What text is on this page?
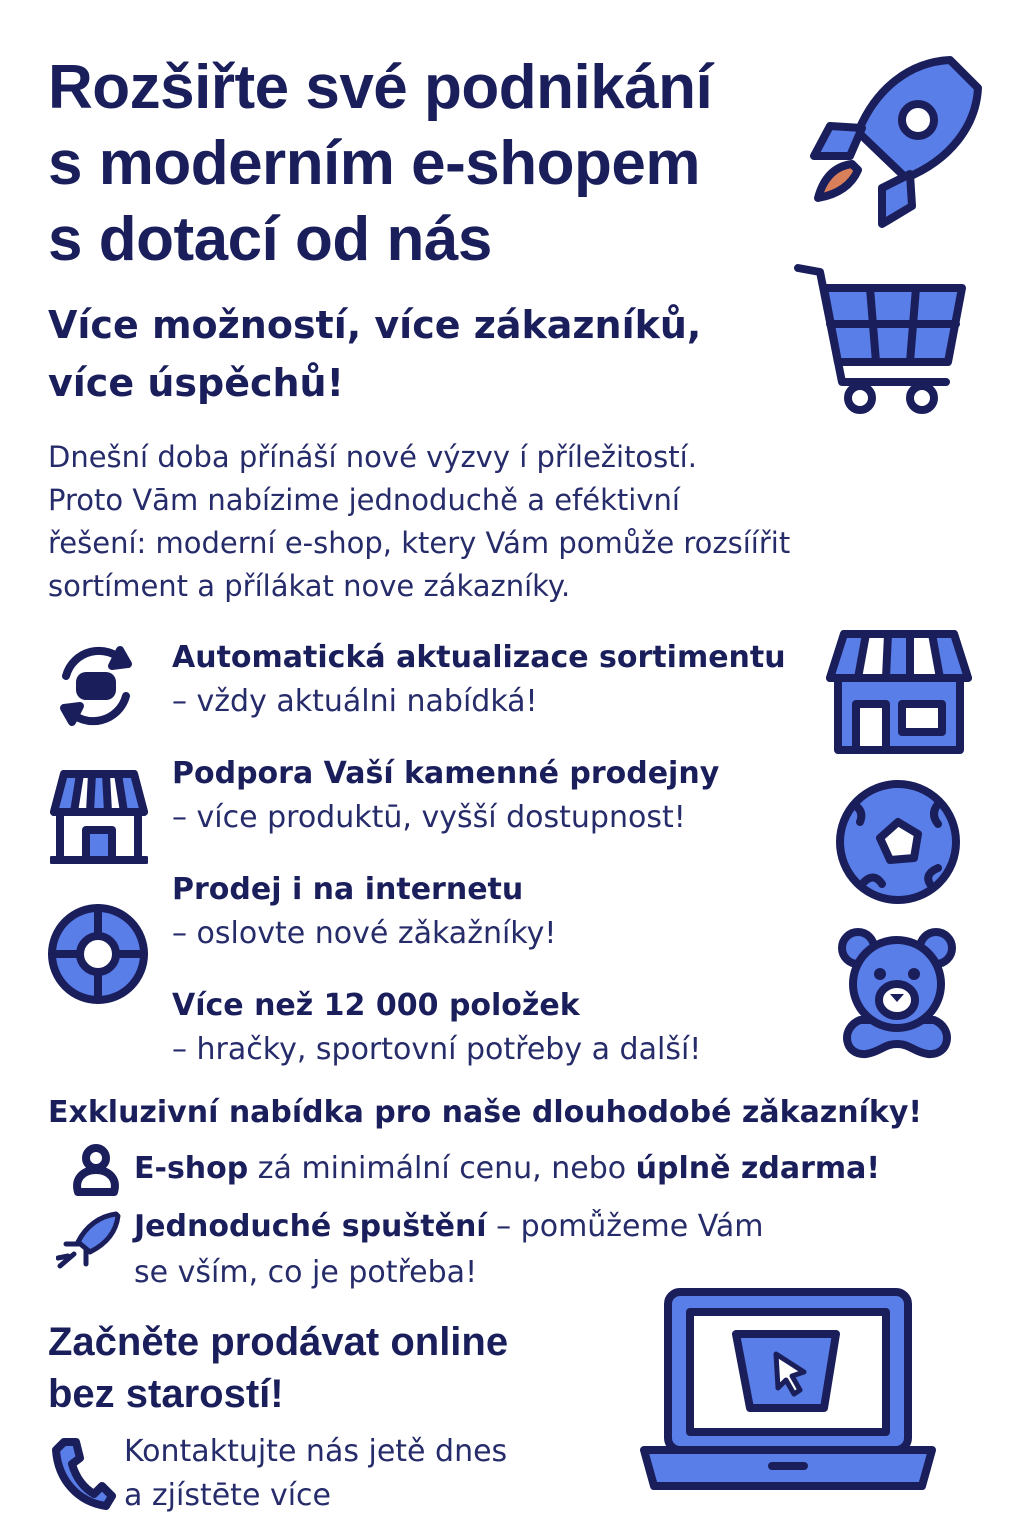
Rozšiřte své podnikání
s moderním e-shopem
s dotací od nás
Více možností, více zákazníků,
více úspěchů!

Dnešní doba přínáší nové výzvy í příležitostí.
Proto Vām nabízime jednoduchě a eféktivní
řešení: moderní e-shop, ktery Vám pomůže rozsíířit
sortíment a přílákat nove zákazníky.

Automatická aktualizace sortimentu
– vždy aktuálni nabídká!
Podpora Vaší kamenné prodejny
– více produktū, vyšší dostupnost!
Prodej i na internetu
– oslovte nové zǎkažníky!
Více než 12 000 položek
– hračky, sportovní potřeby a další!
Exkluzivní nabídka pro naše dlouhodobé zǎkazníky!
E-shop zá minimální cenu, nebo úplně zdarma!
Jednoduché spuštění – pomǚžeme Vám
se vším, co je potřeba!
Začněte prodávat online
bez starostí!
Kontaktujte nás jetě dnes
a zjístēte více
